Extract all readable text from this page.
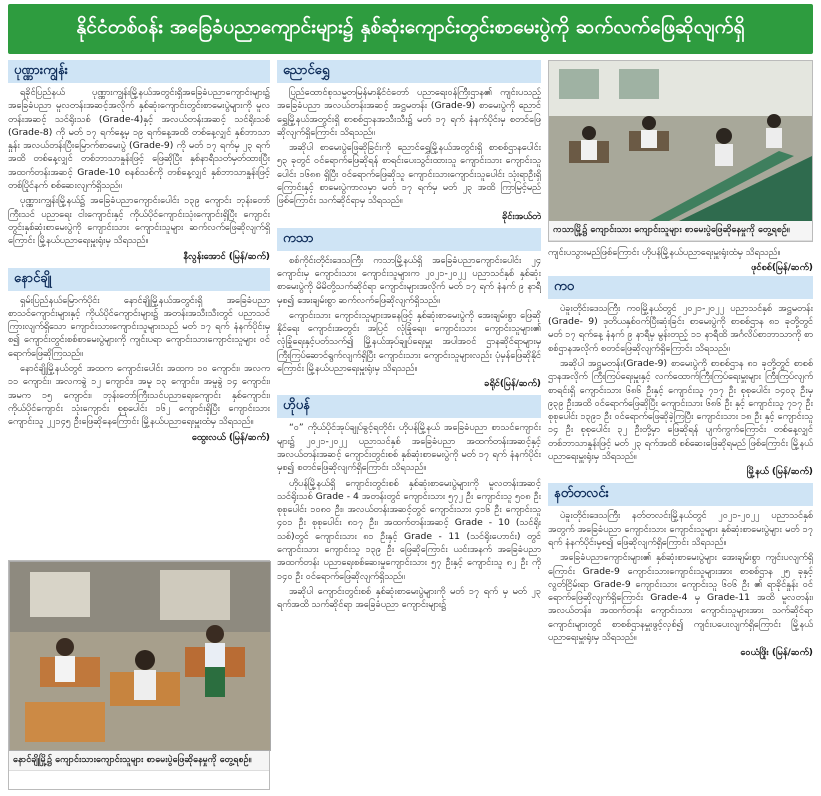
နိုင်ငံတစ်ဝန်း အခြေခံပညာကျောင်းများ၌ နှစ်ဆုံးကျောင်းတွင်းစာမေးပွဲကို ဆက်လက်ဖြေဆိုလျက်ရှိ
ပုဏ္ဏားကျွန်း

ရခိုင်ပြည်နယ် ပုဏ္ဏားကျွန်းမြို့နယ်အတွင်းရှိအခြေခံပညာကျောင်းများ၌ အခြေခံပညာ မူလတန်းအဆင့်အလိုက် နှစ်ဆုံးကျောင်းတွင်းစာမေးပွဲများကို မူလတန်းအဆင့် သင်ရိုးသစ် (Grade-4)နှင့် အလယ်တန်းအဆင့် သင်ရိုးသစ် (Grade-8) ကို မတ် ၁၇ ရက်နေ့မှ ၁၉ ရက်နေ့အထိ တစ်နေ့လျှင် နှစ်ဘာသာနှုန်း အလယ်တန်းပြီးမြောက်စာမေးပွဲ (Grade-9) ကို မတ် ၁၇ ရက်မှ ၂၃ ရက်အထိ တစ်နေ့လျှင် တစ်ဘာသာနှုန်းဖြင့် ဖြေဆိုပြီး နှစ်နာရီသတ်မှတ်ထားပြီး အထက်တန်းအဆင့် Grade-10 စနစ်သစ်ကို တစ်နေ့လျှင် နှစ်ဘာသာနှုန်းဖြင့် တစ်ပြိုင်နက် စစ်ဆေးလျက်ရှိသည်။

ပုဏ္ဏားကျွန်းမြို့နယ်၌ အခြေခံပညာကျောင်းပေါင်း ၁၃၉ ကျောင်း ဘုန်းတော်ကြီးသင် ပညာရေး ငါးကျောင်းနှင့် ကိုယ်ပိုင်ကျောင်းသုံးကျောင်းရှိပြီး ကျောင်းတွင်းနှစ်ဆုံးစာမေးပွဲကို ကျောင်းသား ကျောင်းသူများ ဆက်လက်ဖြေဆိုလျက်ရှိကြောင်း မြို့နယ်ပညာရေးမှူးရုံးမှ သိရသည်။

နီလွန်းအောင် (မြန်/ဆက်)

နောင်ချို

ရှမ်းပြည်နယ်မြောက်ပိုင်း နောင်ချိုမြို့နယ်အတွင်းရှိ အခြေခံပညာ စာသင်ကျောင်းများနှင့် ကိုယ်ပိုင်ကျောင်းများ၌ အတန်းအသီးသီးတွင် ပညာသင်ကြားလျက်ရှိသော ကျောင်းသားကျောင်းသူများသည် မတ် ၁၇ ရက် နံနက်ပိုင်းမှစ၍ ကျောင်းတွင်းစစ်စာမေးပွဲများကို ကျင်းပရာ ကျောင်းသားကျောင်းသူများ ဝင်ရောက်ဖြေဆိုကြသည်။

နောင်ချိုမြို့နယ်တွင် အထက ကျောင်းပေါင်း အထက ၁၀ ကျောင်း၊ အလက ၁၁ ကျောင်း၊ အလကခွဲ ၁၂ ကျောင်း၊ အမူ ၁၃ ကျောင်း၊ အမူခွဲ ၁၄ ကျောင်း၊ အမက ၁၅ ကျောင်း၊ ဘုန်းတော်ကြီးသင်ပညာရေးကျောင်း နှစ်ကျောင်း၊ ကိုယ်ပိုင်ကျောင်း သုံးကျောင်း စုစုပေါင်း ၁၆၂ ကျောင်းရှိပြီး ကျောင်းသား ကျောင်းသူ ၂၂၁၄၅ ဦးဖြေဆိုနေကြောင်း မြို့နယ်ပညာရေးမှူးထံမှ သိရသည်။

ထွေးလယ် (မြန်/ဆက်)

နောင်ချိုမြို့၌ ကျောင်းသားကျောင်းသူများ စာမေးပွဲဖြေဆိုနေမှုကို တွေ့ရစဉ်။
ညောင်ရွှေ

ပြည်ထောင်စုသမ္မတမြန်မာနိုင်ငံတော် ပညာရေးဝန်ကြီးဌာန၏ ကျင်းပသည့် အခြေခံပညာ အလယ်တန်းအဆင့် အဋ္ဌမတန်း (Grade-9) စာမေးပွဲကို ညောင်ရွှေမြို့နယ်အတွင်းရှိ စာစစ်ဌာနအသီးသီး၌ မတ် ၁၇ ရက် နံနက်ပိုင်းမှ စတင်ဖြေဆိုလျက်ရှိကြောင်း သိရသည်။

အဆိုပါ စာမေးပွဲဖြေဆိုခြင်းကို ညောင်ရွှေမြို့နယ်အတွင်းရှိ စာစစ်ဌာနပေါင်း ၅၃ ခုတွင် ဝင်ရောက်ဖြေဆိုရန် စာရင်းပေးသွင်းထားသူ ကျောင်းသား ကျောင်းသူပေါင်း ၁၆၈၈ ရှိပြီး ဝင်ရောက်ဖြေဆိုသူ ကျောင်းသားကျောင်းသူပေါင်း သုံးရာဦးရှိကြောင်းနှင့် စာမေးပွဲကာလမှာ မတ် ၁၇ ရက်မှ မတ် ၂၃ အထိ ကြာမြင့်မည်ဖြစ်ကြောင်း သက်ဆိုင်ရာမှ သိရသည်။

ခိုင်းအယ်တဲ

ကသာ

စစ်ကိုင်းတိုင်းဒေသကြီး ကသာမြို့နယ်ရှိ အခြေခံပညာကျောင်းပေါင်း ၂၄ ကျောင်းမှ ကျောင်းသား ကျောင်းသူများက ၂၀၂၁-၂၀၂၂ ပညာသင်နှစ် နှစ်ဆုံးစာမေးပွဲကို မိမိတို့သက်ဆိုင်ရာ ကျောင်းများအလိုက် မတ် ၁၇ ရက် နံနက် ၉ နာရီမှစ၍ အေးချမ်းစွာ ဆက်လက်ဖြေဆိုလျက်ရှိသည်။

ကျောင်းသား ကျောင်းသူများအနေဖြင့် နှစ်ဆုံးစာမေးပွဲကို အေးချမ်းစွာ ဖြေဆိုနိုင်ရေး ကျောင်းအတွင်း အပြင် လုံခြုံရေး၊ ကျောင်းသား ကျောင်းသူများ၏ လုံခြုံရေးနှင့်ပတ်သက်၍ မြို့နယ်အုပ်ချုပ်ရေးမှူး အပါအဝင် ဌာနဆိုင်ရာများမှ ကြီးကြပ်ဆောင်ရွက်လျက်ရှိပြီး ကျောင်းသား ကျောင်းသူများလည်း ပုံမှန်ဖြေဆိုနိုင်ကြောင်း မြို့နယ်ပညာရေးမှူးရုံးမှ သိရသည်။

ခရိုင်(မြန်/ဆက်)

ဟိုပန်

“ဝ” ကိုယ်ပိုင်အုပ်ချုပ်ခွင့်ရတိုင်း ဟိုပန်မြို့နယ် အခြေခံပညာ စာသင်ကျောင်းများ၌ ၂၀၂၁-၂၀၂၂ ပညာသင်နှစ် အခြေခံပညာ အထက်တန်းအဆင့်နှင့် အလယ်တန်းအဆင့် ကျောင်းတွင်းစစ် နှစ်ဆုံးစာမေးပွဲကို မတ် ၁၇ ရက် နံနက်ပိုင်းမှစ၍ စတင်ဖြေဆိုလျက်ရှိကြောင်း သိရသည်။

ဟိုပန်မြို့နယ်ရှိ ကျောင်းတွင်းစစ် နှစ်ဆုံးစာမေးပွဲများကို မူလတန်းအဆင့် သင်ရိုးသစ် Grade - 4 အတန်းတွင် ကျောင်းသား ၅၇၂ ဦး ကျောင်းသူ ၅၀၈ ဦး စုစုပေါင်း ၁၀၈၀ ဦး၊ အလယ်တန်းအဆင့်တွင် ကျောင်းသား ၄၁၆ ဦး ကျောင်းသူ ၄၀၁ ဦး စုစုပေါင်း ၈၁၇ ဦး၊ အထက်တန်းအဆင့် Grade - 10 (သင်ရိုးသစ်)တွင် ကျောင်းသား ၈၁ ဦးနှင့် Grade - 11 (သင်ရိုးဟောင်း) တွင် ကျောင်းသား ကျောင်းသူ ၁၃၉ ဦး ဖြေဆိုကြောင်း ယင်းအနက် အခြေခံပညာအထက်တန်း ပညာရေးစစ်ဆေးမှုကျောင်းသား ၅၇ ဦးနှင့် ကျောင်းသူ ၈၂ ဦး ကို ၁၄၀ ဦး ဝင်ရောက်ဖြေဆိုလျက်ရှိသည်။

အဆိုပါ ကျောင်းတွင်းစစ် နှစ်ဆုံးစာမေးပွဲများကို မတ် ၁၇ ရက် မှ မတ် ၂၃ ရက်အထိ သက်ဆိုင်ရာ အခြေခံပညာ ကျောင်းများ၌

ကသာမြို့၌ ကျောင်းသား ကျောင်းသူများ စာမေးပွဲဖြေဆိုနေမှုကို တွေ့ရစဉ်။

ကျင်းပသွားမည်ဖြစ်ကြောင်း ဟိုပန်မြို့နယ်ပညာရေးမှူးရုံးထံမှ သိရသည်။

ဖုင်စစ်(မြန်/ဆက်)

ကဝ

ပဲခူးတိုင်းဒေသကြီး ကဝမြို့နယ်တွင် ၂၀၂၁-၂၀၂၂ ပညာသင်နှစ် အဋ္ဌမတန်း (Grade- 9) ဒုတိယနှစ်ဝက်ပြီးဆုံးခြင်း စာမေးပွဲကို စာစစ်ဌာန ၈၁ ခုတို့တွင် မတ် ၁၇ ရက်နေ့ နံနက် ၉ နာရီမှ မွန်းတည့် ၁၁ နာရီထိ အင်္ဂလိပ်စာဘာသာကို စာစစ်ဌာနအလိုက် စတင်ဖြေဆိုလျက်ရှိကြောင်း သိရသည်။

အဆိုပါ အဋ္ဌမတန်း(Grade-9) စာမေးပွဲကို စာစစ်ဌာန ၈၁ ခုတို့တွင် စာစစ်ဌာနအလိုက် ကြီးကြပ်ရေးမှူးနှင့် လက်ထောက်ကြီးကြပ်ရေးမှူးများ ကြီးကြပ်လျက် စာရင်းရှိ ကျောင်းသား ၆၈၆ ဦးနှင့် ကျောင်းသူ ၇၁၇ ဦး စုစုပေါင်း ၁၄၀၃ ဦးမှ ၉၃၉ ဦးအထိ ဝင်ရောက်ဖြေဆိုပြီး ကျောင်းသား ၆၈၆ ဦး နှင့် ကျောင်းသူ ၇၁၇ ဦး စုစုပေါင်း ၁၃၉၁ ဦး ဝင်ရောက်ဖြေဆိုခဲ့ကြပြီး ကျောင်းသား ၁၈ ဦး နှင့် ကျောင်းသူ ၁၄ ဦး စုစုပေါင်း ၃၂ ဦးတို့မှာ ဖြေဆိုရန် ပျက်ကွက်ကြောင်း တစ်နေ့လျှင် တစ်ဘာသာနှုန်းဖြင့် မတ် ၂၃ ရက်အထိ စစ်ဆေးဖြေဆိုရမည် ဖြစ်ကြောင်း မြို့နယ်ပညာရေးမှူးရုံးမှ သိရသည်။

မြို့နယ် (မြန်/ဆက်)

နတ်တလင်း

ပဲခူးတိုင်းဒေသကြီး နတ်တလင်းမြို့နယ်တွင် ၂၀၂၁-၂၀၂၂ ပညာသင်နှစ်အတွက် အခြေခံပညာ ကျောင်းသား ကျောင်းသူများ နှစ်ဆုံးစာမေးပွဲများ မတ် ၁၇ ရက် နံနက်ပိုင်းမှစ၍ ဖြေဆိုလျက်ရှိကြောင်း သိရသည်။

အခြေခံပညာကျောင်းများ၏ နှစ်ဆုံးစာမေးပွဲများ အေးချမ်းစွာ ကျင်းပလျက်ရှိကြောင်း Grade-9 ကျောင်းသားကျောင်းသူများအား စာစစ်ဌာန ၂၅ ခုနှင့်လွတ်ငြိမ်းရာ Grade-9 ကျောင်းသား ကျောင်းသူ ၆၀၆ ဦး ၏ ရာခိုင်နှုန်း ဝင်ရောက်ဖြေဆိုလျက်ရှိကြောင်း Grade-4 မှ Grade-11 အထိ မူလတန်း၊ အလယ်တန်း၊ အထက်တန်း ကျောင်းသား ကျောင်းသူများအား သက်ဆိုင်ရာကျောင်းများတွင် စာစစ်ဌာနမှူးဖွင့်လှစ်၍ ကျင်းပပေးလျက်ရှိကြောင်း မြို့နယ်ပညာရေးမှူးရုံးမှ သိရသည်။

ဝေယံဖြိုး (မြန်/ဆက်)
